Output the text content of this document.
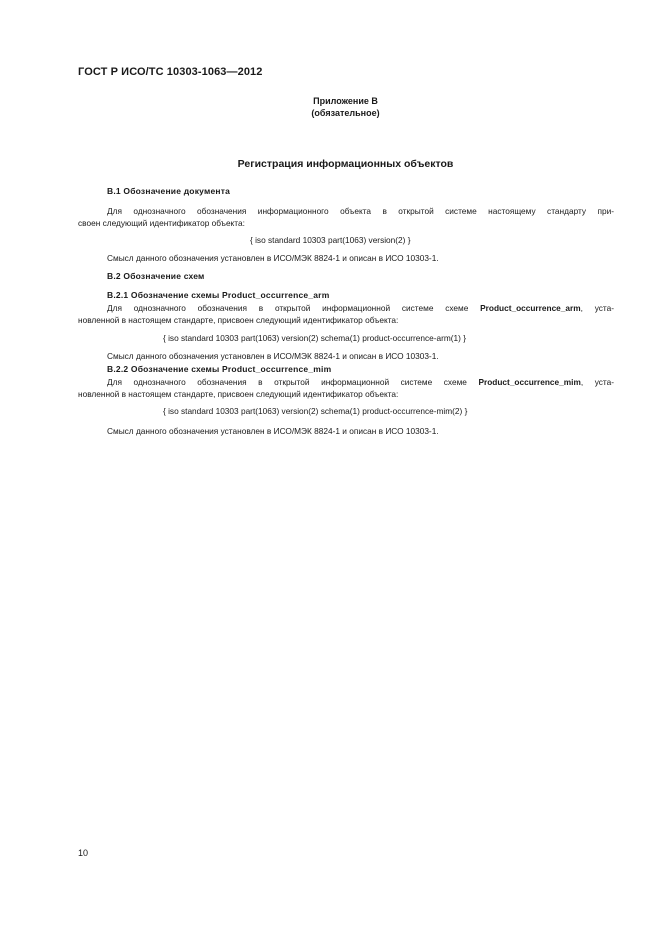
ГОСТ Р ИСО/ТС 10303-1063—2012
Приложение В
(обязательное)
Регистрация информационных объектов
В.1 Обозначение документа
Для однозначного обозначения информационного объекта в открытой системе настоящему стандарту при-
своен следующий идентификатор объекта:
{ iso standard 10303 part(1063) version(2) }
Смысл данного обозначения установлен в ИСО/МЭК 8824-1 и описан в ИСО 10303-1.
В.2 Обозначение схем
В.2.1 Обозначение схемы Product_occurrence_arm
Для однозначного обозначения в открытой информационной системе схеме Product_occurrence_arm, уста-
новленной в настоящем стандарте, присвоен следующий идентификатор объекта:
{ iso standard 10303 part(1063) version(2) schema(1) product-occurrence-arm(1) }
Смысл данного обозначения установлен в ИСО/МЭК 8824-1 и описан в ИСО 10303-1.
В.2.2 Обозначение схемы Product_occurrence_mim
Для однозначного обозначения в открытой информационной системе схеме Product_occurrence_mim, уста-
новленной в настоящем стандарте, присвоен следующий идентификатор объекта:
{ iso standard 10303 part(1063) version(2) schema(1) product-occurrence-mim(2) }
Смысл данного обозначения установлен в ИСО/МЭК 8824-1 и описан в ИСО 10303-1.
10
